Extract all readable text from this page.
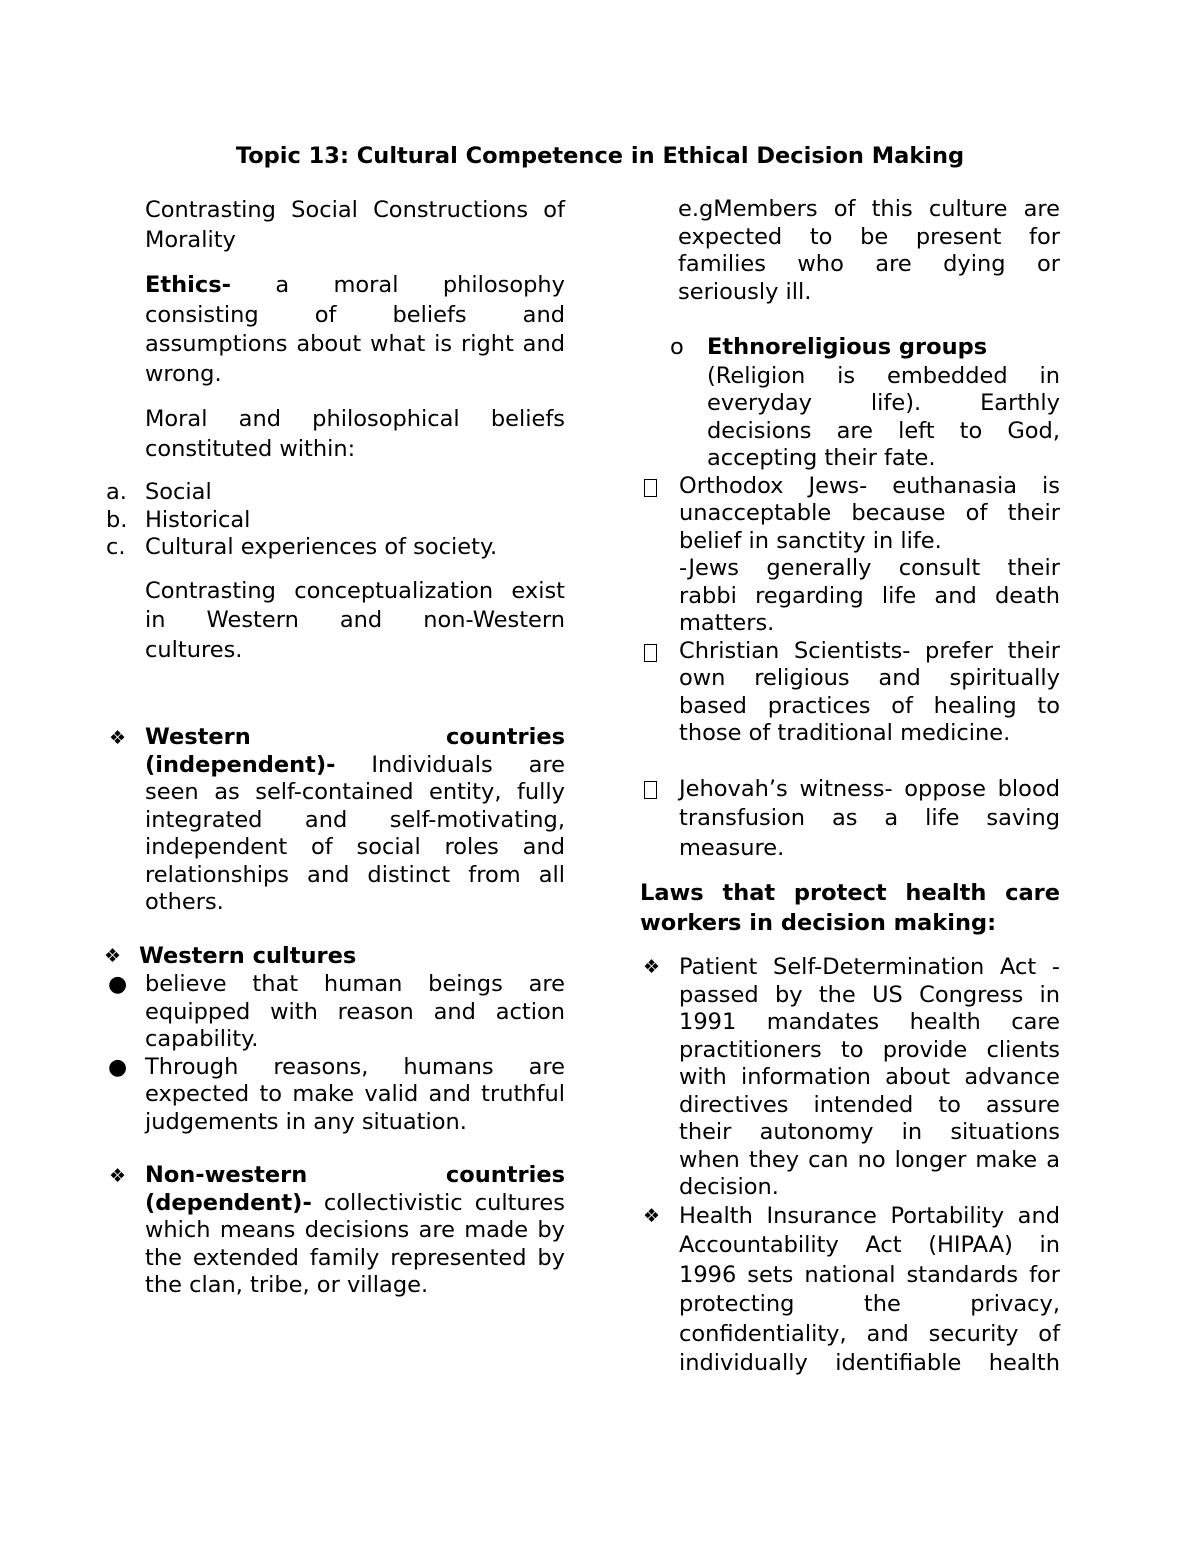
Topic 13: Cultural Competence in Ethical Decision Making

Contrasting Social Constructions of Morality

Ethics- a moral philosophy consisting of beliefs and assumptions about what is right and wrong.

Moral and philosophical beliefs constituted within:

a. Social

b. Historical

c. Cultural experiences of society.

Contrasting conceptualization exist in Western and non-Western cultures.

❖ Western countries (independent)- Individuals are seen as self-contained entity, fully integrated and self-motivating, independent of social roles and relationships and distinct from all others.

❖ Western cultures

● believe that human beings are equipped with reason and action capability.

● Through reasons, humans are expected to make valid and truthful judgements in any situation.

❖ Non-western countries (dependent)- collectivistic cultures which means decisions are made by the extended family represented by the clan, tribe, or village.

e.gMembers of this culture are expected to be present for families who are dying or seriously ill.

o Ethnoreligious groups

(Religion is embedded in everyday life). Earthly decisions are left to God, accepting their fate.

Orthodox Jews- euthanasia is unacceptable because of their belief in sanctity in life.

-Jews generally consult their rabbi regarding life and death matters.

Christian Scientists- prefer their own religious and spiritually based practices of healing to those of traditional medicine.

Jehovah’s witness- oppose blood transfusion as a life saving measure.

Laws that protect health care workers in decision making:

❖ Patient Self-Determination Act -passed by the US Congress in 1991 mandates health care practitioners to provide clients with information about advance directives intended to assure their autonomy in situations when they can no longer make a decision.

❖ Health Insurance Portability and Accountability Act (HIPAA) in 1996 sets national standards for protecting the privacy, confidentiality, and security of individually identifiable health
